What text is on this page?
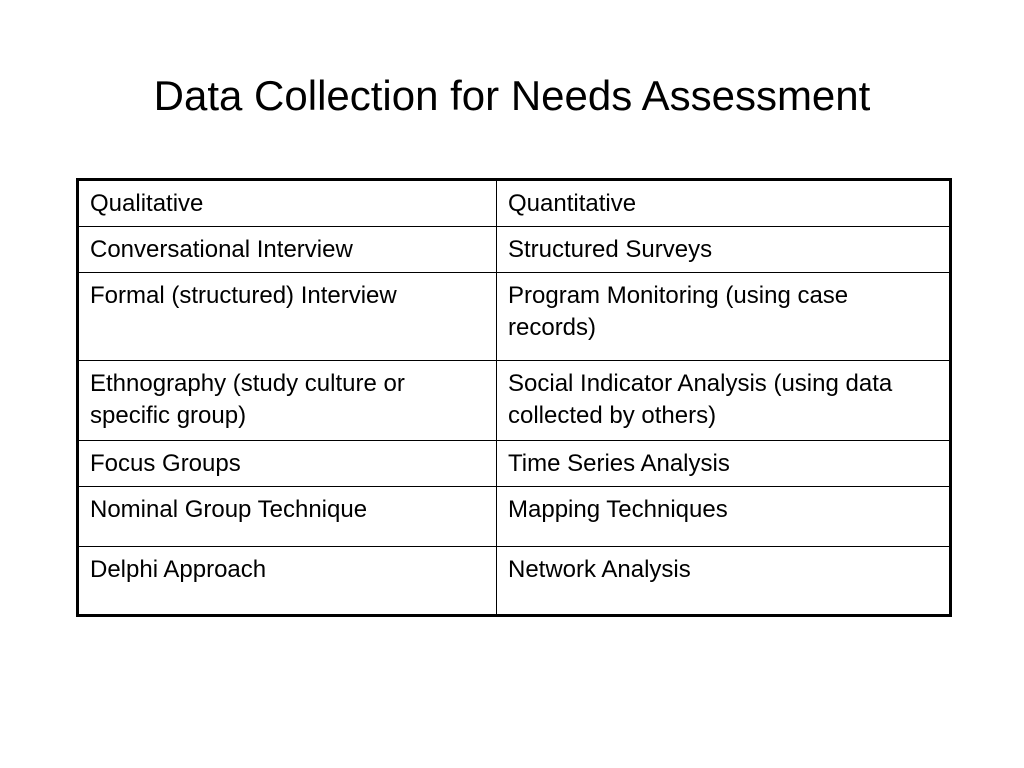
Data Collection for Needs Assessment
Qualitative	Quantitative
Conversational Interview	Structured Surveys
Formal (structured) Interview	Program Monitoring (using case records)
Ethnography (study culture or specific group)	Social Indicator Analysis (using data collected by others)
Focus Groups	Time Series Analysis
Nominal Group Technique	Mapping Techniques
Delphi Approach	Network Analysis
